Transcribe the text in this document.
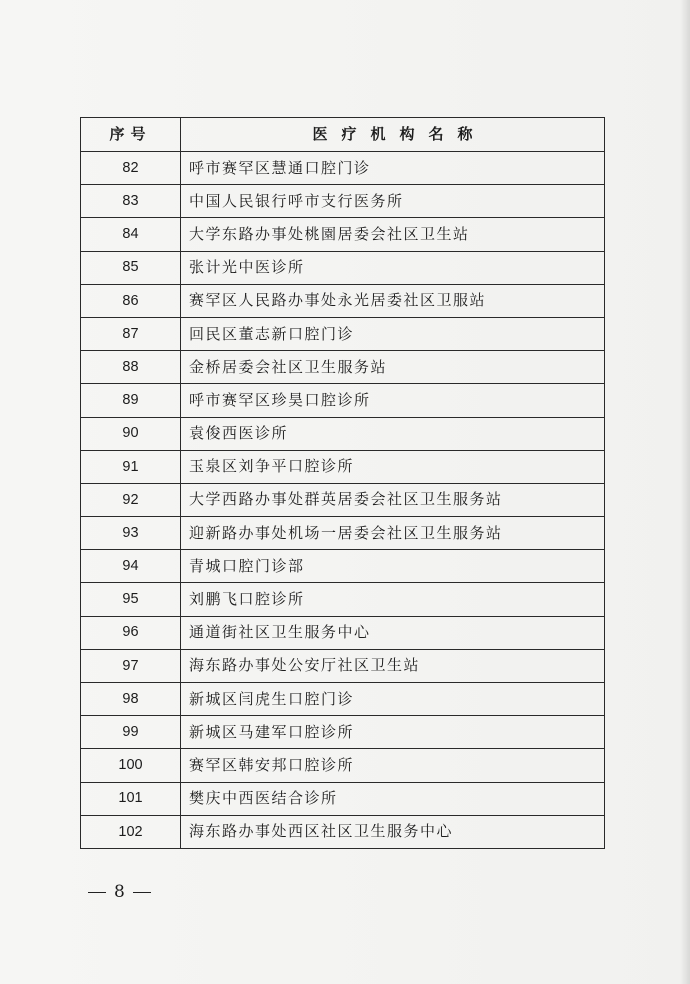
序号	医疗机构名称
82	呼市赛罕区慧通口腔门诊
83	中国人民银行呼市支行医务所
84	大学东路办事处桃園居委会社区卫生站
85	张计光中医诊所
86	赛罕区人民路办事处永光居委社区卫服站
87	回民区董志新口腔门诊
88	金桥居委会社区卫生服务站
89	呼市赛罕区珍昊口腔诊所
90	袁俊西医诊所
91	玉泉区刘争平口腔诊所
92	大学西路办事处群英居委会社区卫生服务站
93	迎新路办事处机场一居委会社区卫生服务站
94	青城口腔门诊部
95	刘鹏飞口腔诊所
96	通道街社区卫生服务中心
97	海东路办事处公安厅社区卫生站
98	新城区闫虎生口腔门诊
99	新城区马建军口腔诊所
100	赛罕区韩安邦口腔诊所
101	樊庆中西医结合诊所
102	海东路办事处西区社区卫生服务中心
8
